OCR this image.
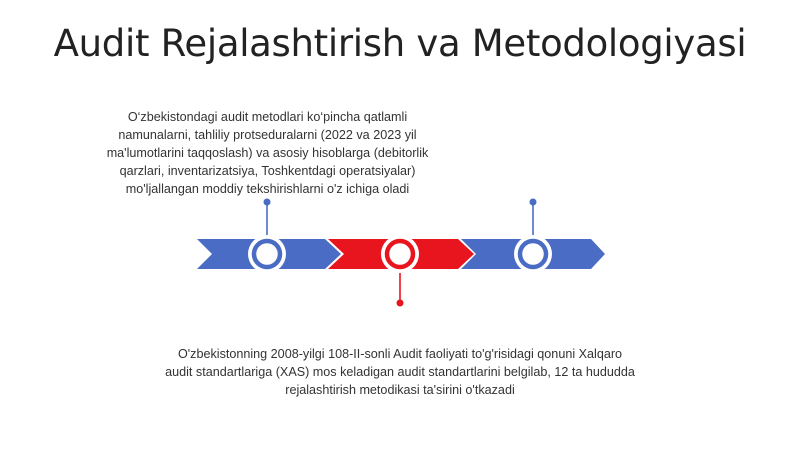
Audit Rejalashtirish va Metodologiyasi
O‘zbekistondagi audit metodlari ko‘pincha qatlamli namunalarni, tahliliy protseduralarni (2022 va 2023 yil ma'lumotlarini taqqoslash) va asosiy hisoblarga (debitorlik qarzlari, inventarizatsiya, Toshkentdagi operatsiyalar) mo'ljallangan moddiy tekshirishlarni o'z ichiga oladi
O'zbekistonning 2008-yilgi 108-II-sonli Audit faoliyati to'g'risidagi qonuni Xalqaro audit standartlariga (XAS) mos keladigan audit standartlarini belgilab, 12 ta hududda rejalashtirish metodikasi ta'sirini o'tkazadi
